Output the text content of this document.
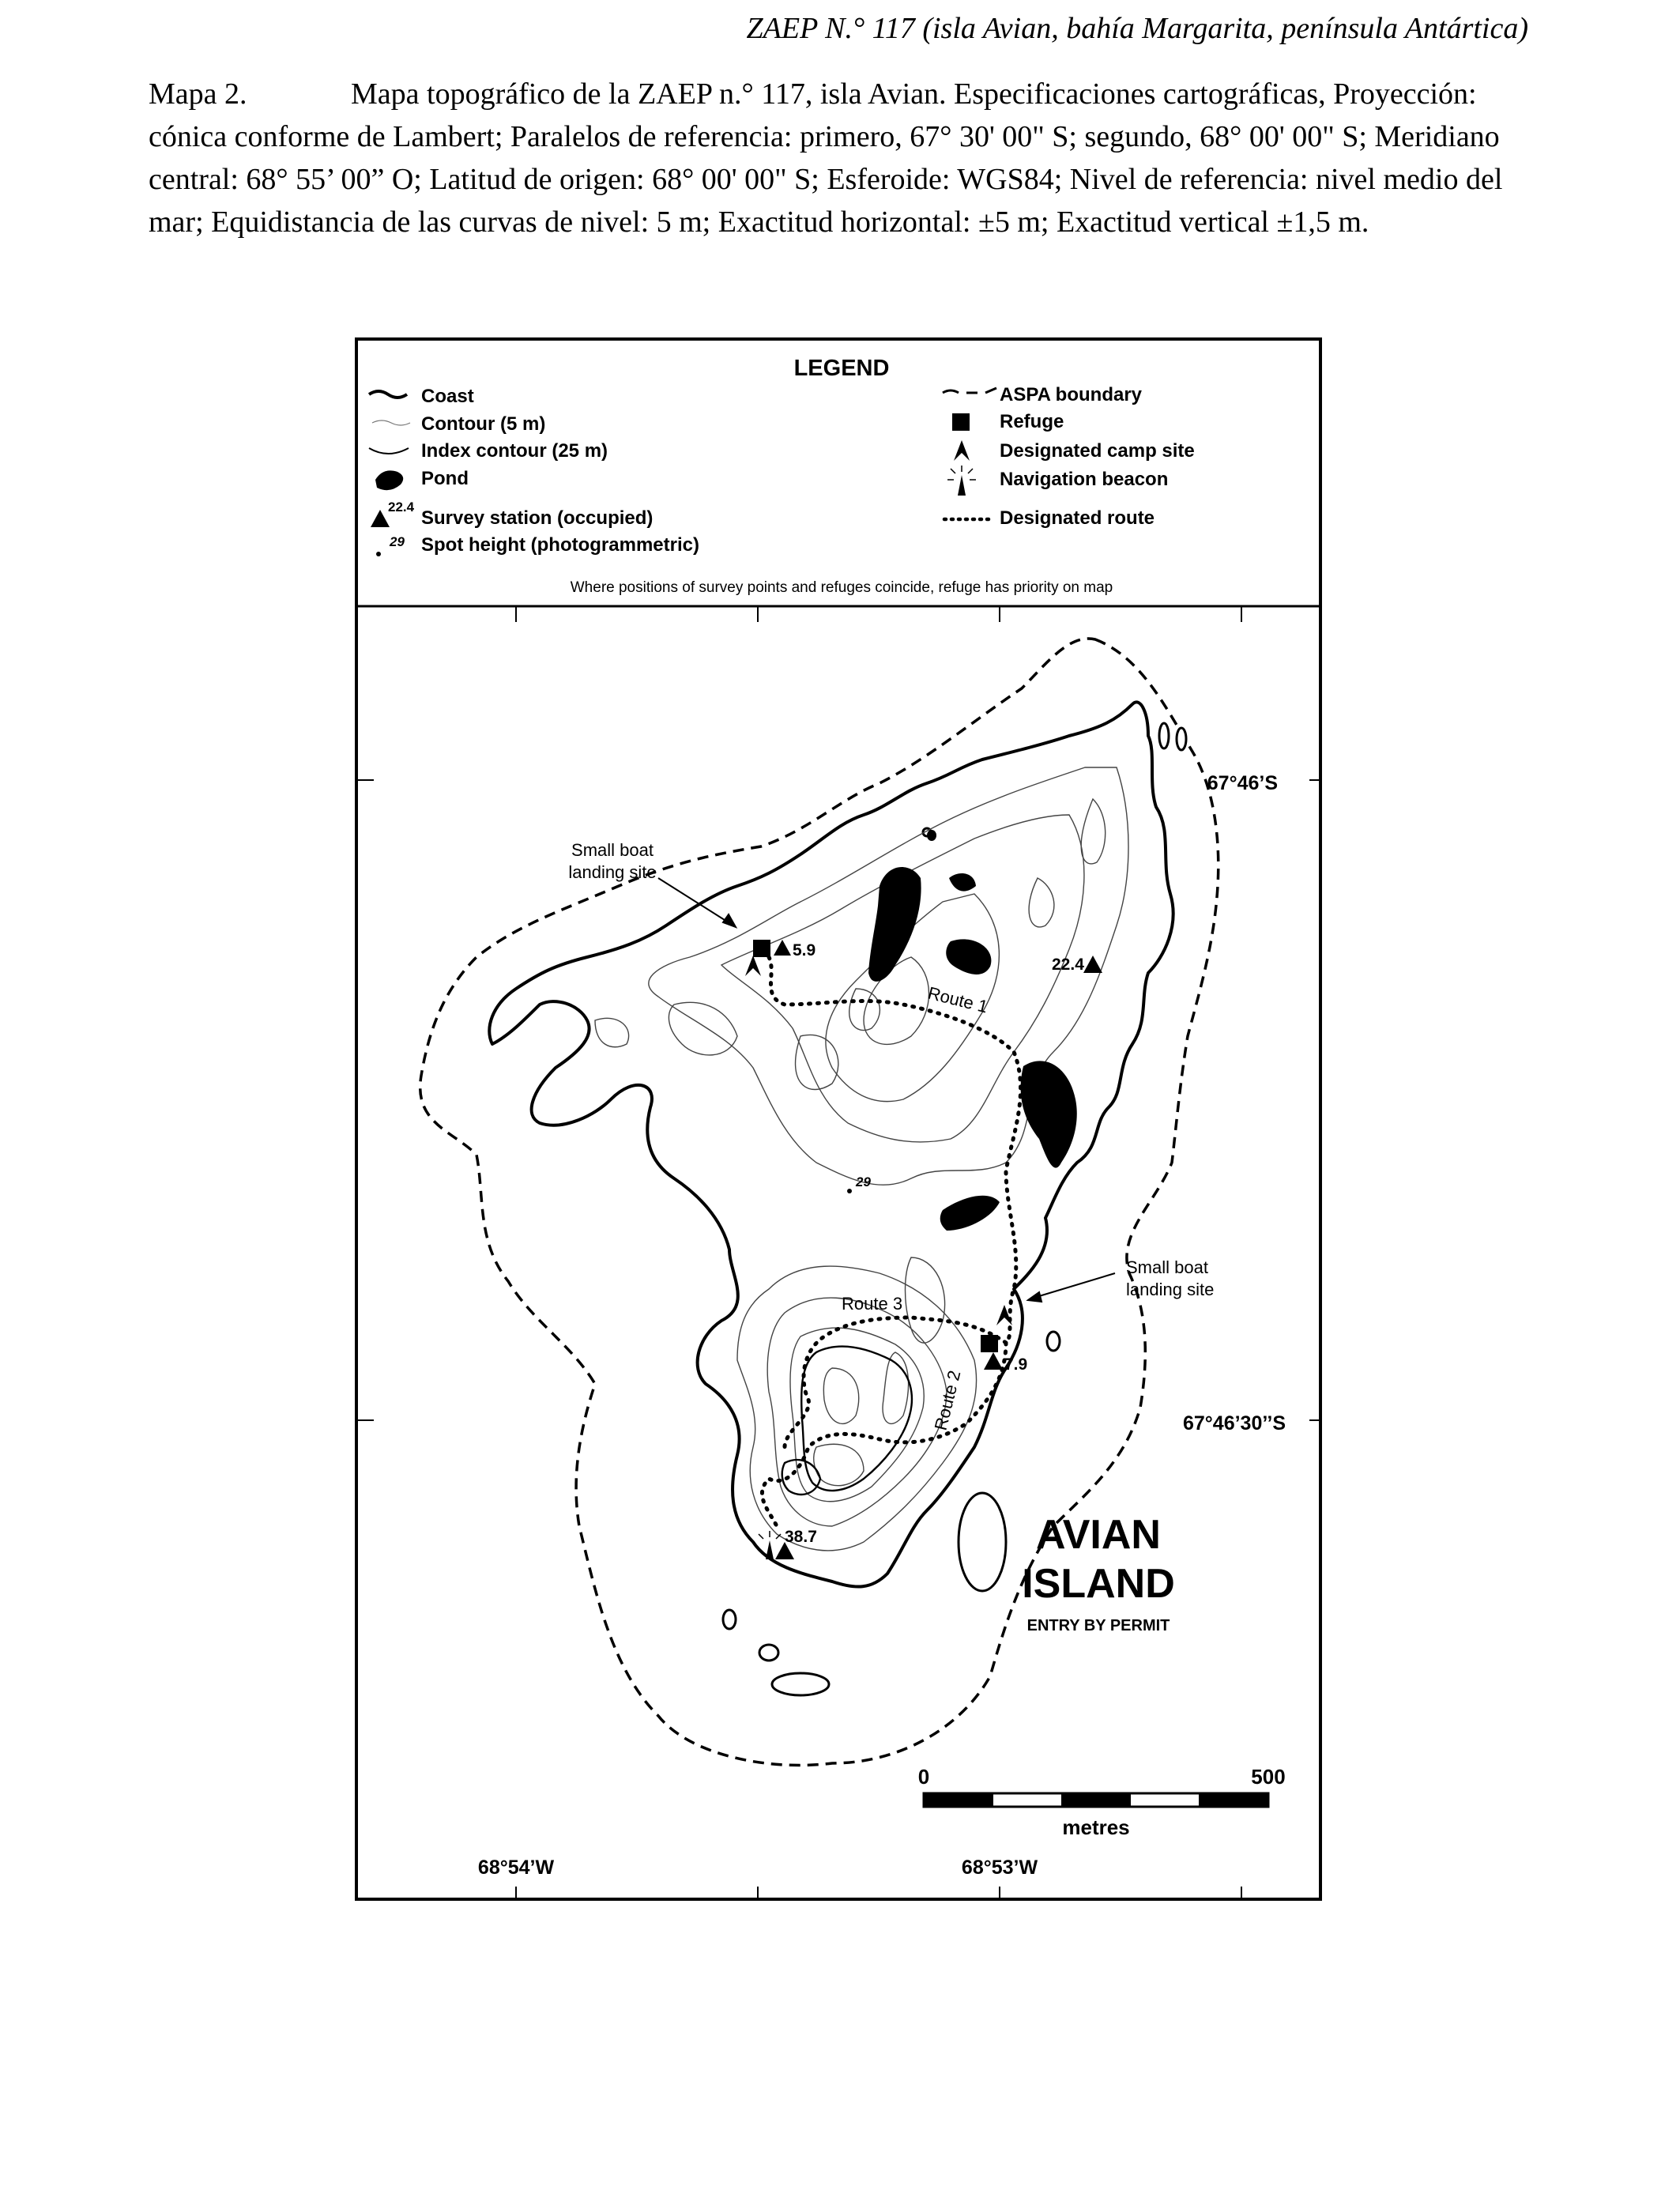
ZAEP N.° 117 (isla Avian, bahía Margarita, península Antártica)
Mapa 2.	Mapa topográfico de la ZAEP n.° 117, isla Avian. Especificaciones cartográficas, Proyección: cónica conforme de Lambert; Paralelos de referencia: primero, 67° 30' 00" S; segundo, 68° 00' 00" S; Meridiano central: 68° 55’ 00” O; Latitud de origen: 68° 00' 00" S; Esferoide: WGS84; Nivel de referencia: nivel medio del mar; Equidistancia de las curvas de nivel: 5 m; Exactitud horizontal: ±5 m; Exactitud vertical ±1,5 m.
LEGEND
Coast
Contour (5 m)
Index contour (25 m)
Pond
22.4
Survey station (occupied)
29 Spot height (photogrammetric)
ASPA boundary
Refuge
Designated camp site
Navigation beacon
Designated route
Where positions of survey points and refuges coincide, refuge has priority on map
Small boat
landing site
Small boat
landing site
5.9
22.4
7.9
38.7
29
Route 1
Route 2
Route 3
67°46’S
67°46’30’’S
68°54’W	68°53’W
AVIAN
ISLAND
ENTRY BY PERMIT
0	500
metres
